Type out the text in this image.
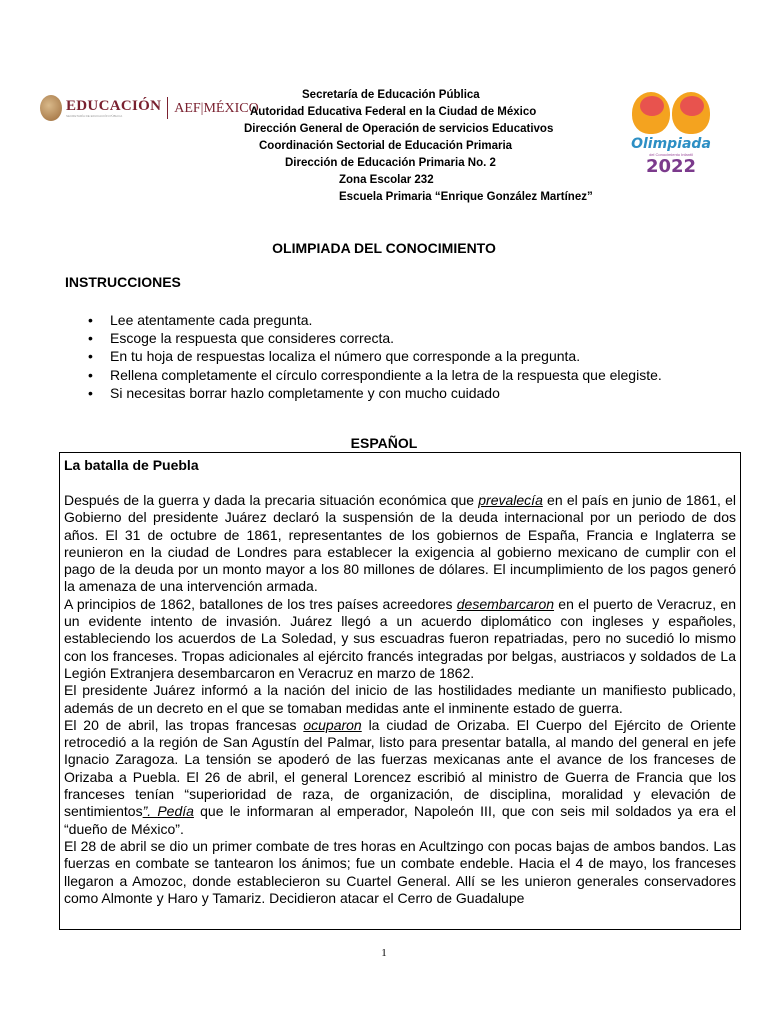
EDUCACIÓN
SECRETARÍA DE EDUCACIÓN PÚBLICA	AEF|MÉXICO
Secretaría de Educación Pública
Autoridad Educativa Federal en la Ciudad de México
Dirección General de Operación de servicios Educativos
Coordinación Sectorial de Educación Primaria
Dirección de Educación Primaria No. 2
Zona Escolar 232
Escuela Primaria “Enrique González Martínez”
Olimpiada
del Conocimiento Infantil
2022
OLIMPIADA DEL CONOCIMIENTO
INSTRUCCIONES
• Lee atentamente cada pregunta.
• Escoge la respuesta que consideres correcta.
• En tu hoja de respuestas localiza el número que corresponde a la pregunta.
• Rellena completamente el círculo correspondiente a la letra de la respuesta que elegiste.
• Si necesitas borrar hazlo completamente y con mucho cuidado
ESPAÑOL
La batalla de Puebla

Después de la guerra y dada la precaria situación económica que prevalecía en el país en junio de 1861, el Gobierno del presidente Juárez declaró la suspensión de la deuda internacional por un periodo de dos años. El 31 de octubre de 1861, representantes de los gobiernos de España, Francia e Inglaterra se reunieron en la ciudad de Londres para establecer la exigencia al gobierno mexicano de cumplir con el pago de la deuda por un monto mayor a los 80 millones de dólares. El incumplimiento de los pagos generó la amenaza de una intervención armada.

A principios de 1862, batallones de los tres países acreedores desembarcaron en el puerto de Veracruz, en un evidente intento de invasión. Juárez llegó a un acuerdo diplomático con ingleses y españoles, estableciendo los acuerdos de La Soledad, y sus escuadras fueron repatriadas, pero no sucedió lo mismo con los franceses. Tropas adicionales al ejército francés integradas por belgas, austriacos y soldados de La Legión Extranjera desembarcaron en Veracruz en marzo de 1862.

El presidente Juárez informó a la nación del inicio de las hostilidades mediante un manifiesto publicado, además de un decreto en el que se tomaban medidas ante el inminente estado de guerra.

El 20 de abril, las tropas francesas ocuparon la ciudad de Orizaba. El Cuerpo del Ejército de Oriente retrocedió a la región de San Agustín del Palmar, listo para presentar batalla, al mando del general en jefe Ignacio Zaragoza. La tensión se apoderó de las fuerzas mexicanas ante el avance de los franceses de Orizaba a Puebla. El 26 de abril, el general Lorencez escribió al ministro de Guerra de Francia que los franceses tenían “superioridad de raza, de organización, de disciplina, moralidad y elevación de sentimientos”. Pedía que le informaran al emperador, Napoleón III, que con seis mil soldados ya era el “dueño de México”.

El 28 de abril se dio un primer combate de tres horas en Acultzingo con pocas bajas de ambos bandos. Las fuerzas en combate se tantearon los ánimos; fue un combate endeble. Hacia el 4 de mayo, los franceses llegaron a Amozoc, donde establecieron su Cuartel General. Allí se les unieron generales conservadores como Almonte y Haro y Tamariz. Decidieron atacar el Cerro de Guadalupe

1
